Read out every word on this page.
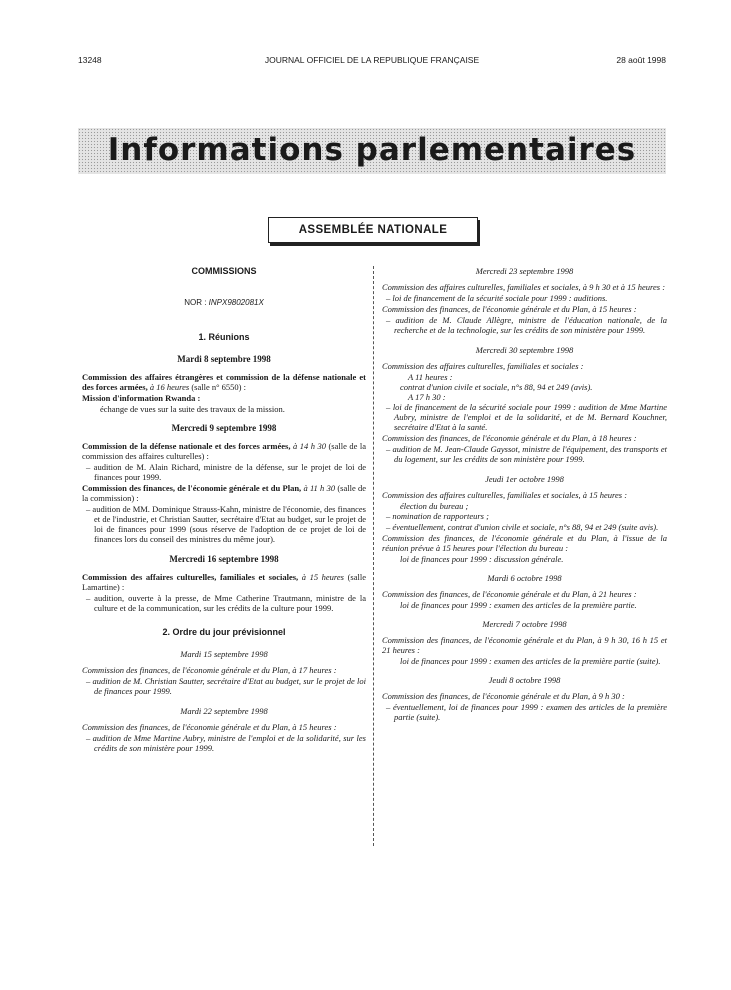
13248	JOURNAL OFFICIEL DE LA REPUBLIQUE FRANÇAISE	28 août 1998
Informations parlementaires
ASSEMBLÉE NATIONALE
COMMISSIONS
NOR : INPX9802081X
1. Réunions
Mardi 8 septembre 1998

Commission des affaires étrangères et commission de la défense nationale et des forces armées, à 16 heures (salle n° 6550) :

Mission d'information Rwanda :

échange de vues sur la suite des travaux de la mission.

Mercredi 9 septembre 1998

Commission de la défense nationale et des forces armées, à 14 h 30 (salle de la commission des affaires culturelles) :

– audition de M. Alain Richard, ministre de la défense, sur le projet de loi de finances pour 1999.

Commission des finances, de l'économie générale et du Plan, à 11 h 30 (salle de la commission) :

– audition de MM. Dominique Strauss-Kahn, ministre de l'économie, des finances et de l'industrie, et Christian Sautter, secrétaire d'Etat au budget, sur le projet de loi de finances pour 1999 (sous réserve de l'adoption de ce projet de loi de finances lors du conseil des ministres du même jour).

Mercredi 16 septembre 1998

Commission des affaires culturelles, familiales et sociales, à 15 heures (salle Lamartine) :

– audition, ouverte à la presse, de Mme Catherine Trautmann, ministre de la culture et de la communication, sur les crédits de la culture pour 1999.

2. Ordre du jour prévisionnel
Mardi 15 septembre 1998

Commission des finances, de l'économie générale et du Plan, à 17 heures :

– audition de M. Christian Sautter, secrétaire d'Etat au budget, sur le projet de loi de finances pour 1999.

Mardi 22 septembre 1998

Commission des finances, de l'économie générale et du Plan, à 15 heures :

– audition de Mme Martine Aubry, ministre de l'emploi et de la solidarité, sur les crédits de son ministère pour 1999.

Mercredi 23 septembre 1998

Commission des affaires culturelles, familiales et sociales, à 9 h 30 et à 15 heures :

– loi de financement de la sécurité sociale pour 1999 : auditions.

Commission des finances, de l'économie générale et du Plan, à 15 heures :

– audition de M. Claude Allègre, ministre de l'éducation nationale, de la recherche et de la technologie, sur les crédits de son ministère pour 1999.

Mercredi 30 septembre 1998

Commission des affaires culturelles, familiales et sociales :

A 11 heures :

contrat d'union civile et sociale, n°s 88, 94 et 249 (avis).

A 17 h 30 :

– loi de financement de la sécurité sociale pour 1999 : audition de Mme Martine Aubry, ministre de l'emploi et de la solidarité, et de M. Bernard Kouchner, secrétaire d'Etat à la santé.

Commission des finances, de l'économie générale et du Plan, à 18 heures :

– audition de M. Jean-Claude Gayssot, ministre de l'équipement, des transports et du logement, sur les crédits de son ministère pour 1999.

Jeudi 1er octobre 1998

Commission des affaires culturelles, familiales et sociales, à 15 heures :

élection du bureau ;

– nomination de rapporteurs ;

– éventuellement, contrat d'union civile et sociale, n°s 88, 94 et 249 (suite avis).

Commission des finances, de l'économie générale et du Plan, à l'issue de la réunion prévue à 15 heures pour l'élection du bureau :

loi de finances pour 1999 : discussion générale.

Mardi 6 octobre 1998

Commission des finances, de l'économie générale et du Plan, à 21 heures :

loi de finances pour 1999 : examen des articles de la première partie.

Mercredi 7 octobre 1998

Commission des finances, de l'économie générale et du Plan, à 9 h 30, 16 h 15 et 21 heures :

loi de finances pour 1999 : examen des articles de la première partie (suite).

Jeudi 8 octobre 1998

Commission des finances, de l'économie générale et du Plan, à 9 h 30 :

– éventuellement, loi de finances pour 1999 : examen des articles de la première partie (suite).
